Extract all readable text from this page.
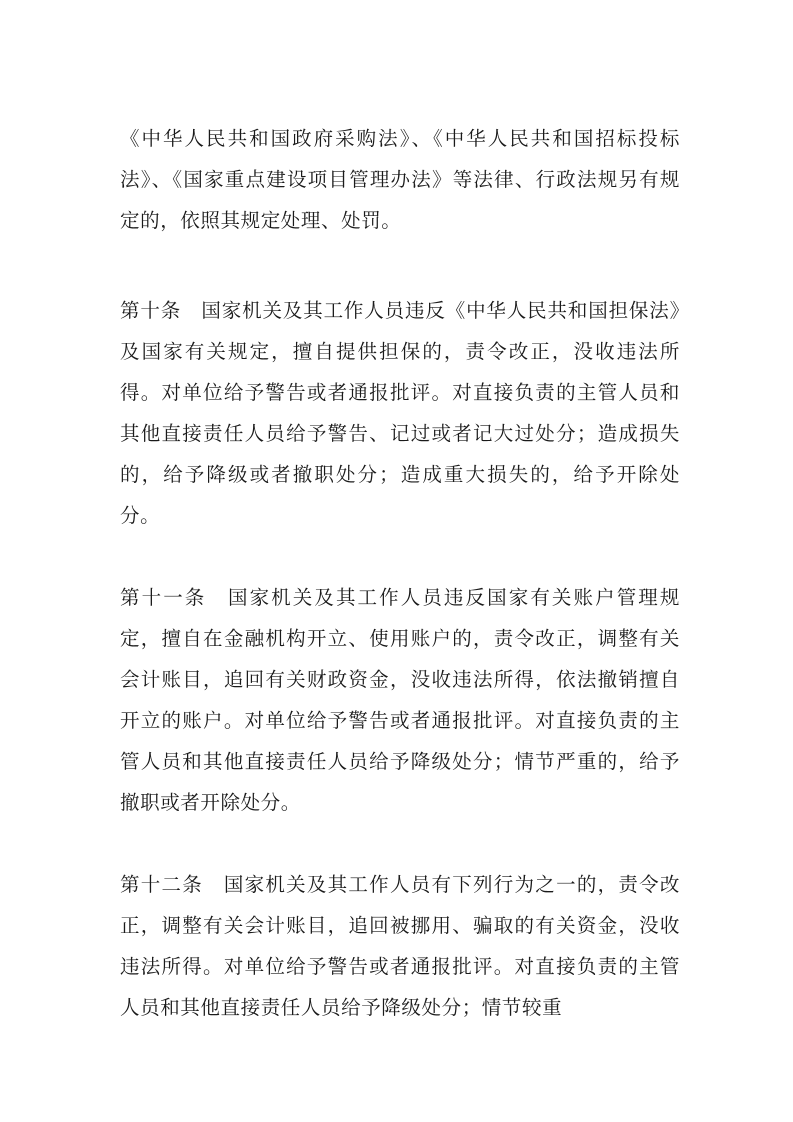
《中华人民共和国政府采购法》、《中华人民共和国招标投标法》、《国家重点建设项目管理办法》等法律、行政法规另有规定的，依照其规定处理、处罚。

第十条　国家机关及其工作人员违反《中华人民共和国担保法》及国家有关规定，擅自提供担保的，责令改正，没收违法所得。对单位给予警告或者通报批评。对直接负责的主管人员和其他直接责任人员给予警告、记过或者记大过处分；造成损失的，给予降级或者撤职处分；造成重大损失的，给予开除处分。

第十一条　国家机关及其工作人员违反国家有关账户管理规定，擅自在金融机构开立、使用账户的，责令改正，调整有关会计账目，追回有关财政资金，没收违法所得，依法撤销擅自开立的账户。对单位给予警告或者通报批评。对直接负责的主管人员和其他直接责任人员给予降级处分；情节严重的，给予撤职或者开除处分。

第十二条　国家机关及其工作人员有下列行为之一的，责令改正，调整有关会计账目，追回被挪用、骗取的有关资金，没收违法所得。对单位给予警告或者通报批评。对直接负责的主管人员和其他直接责任人员给予降级处分；情节较重
